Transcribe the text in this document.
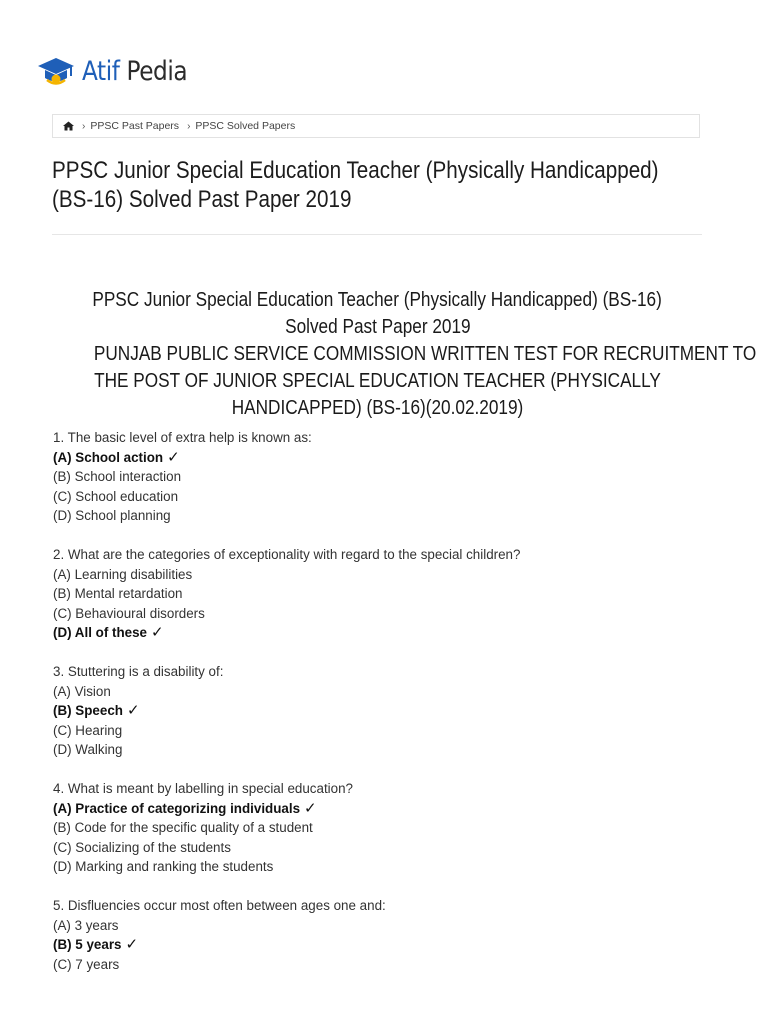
Atif Pedia
› PPSC Past Papers › PPSC Solved Papers
PPSC Junior Special Education Teacher (Physically Handicapped) (BS-16) Solved Past Paper 2019
PPSC Junior Special Education Teacher (Physically Handicapped) (BS-16)
Solved Past Paper 2019
PUNJAB PUBLIC SERVICE COMMISSION WRITTEN TEST FOR RECRUITMENT TO
THE POST OF JUNIOR SPECIAL EDUCATION TEACHER (PHYSICALLY
HANDICAPPED) (BS-16)(20.02.2019)
1. The basic level of extra help is known as:
(A) School action ✓
(B) School interaction
(C) School education
(D) School planning
2. What are the categories of exceptionality with regard to the special children?
(A) Learning disabilities
(B) Mental retardation
(C) Behavioural disorders
(D) All of these ✓
3. Stuttering is a disability of:
(A) Vision
(B) Speech ✓
(C) Hearing
(D) Walking
4. What is meant by labelling in special education?
(A) Practice of categorizing individuals ✓
(B) Code for the specific quality of a student
(C) Socializing of the students
(D) Marking and ranking the students
5. Disfluencies occur most often between ages one and:
(A) 3 years
(B) 5 years ✓
(C) 7 years
